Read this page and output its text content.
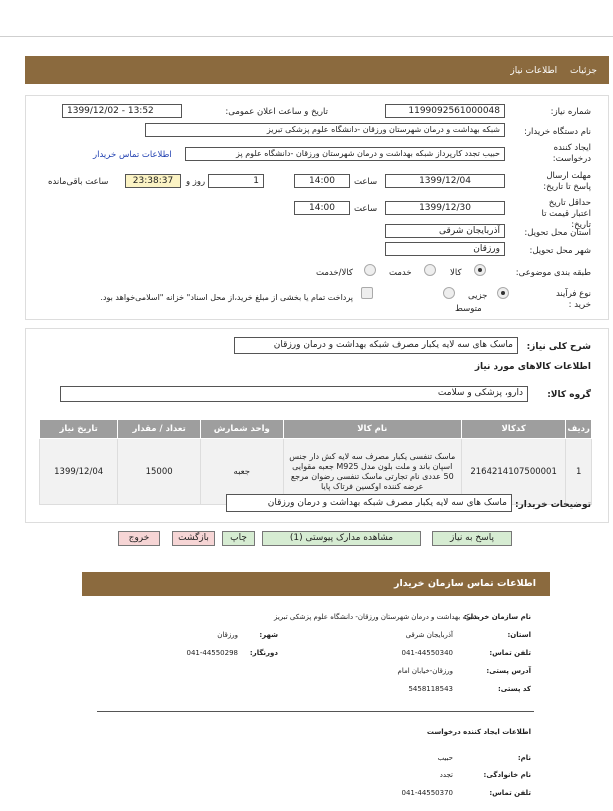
جزئیات اطلاعات نیاز
شماره نیاز:
1199092561000048
تاریخ و ساعت اعلان عمومی:
1399/12/02 - 13:52
نام دستگاه خریدار:
شبکه بهداشت و درمان شهرستان ورزقان -دانشگاه علوم پزشکی تبریز
ایجاد کننده درخواست:
حبیب تجدد کارپرداز شبکه بهداشت و درمان شهرستان ورزقان -دانشگاه علوم پز
اطلاعات تماس خریدار
مهلت ارسال پاسخ تا تاریخ:
1399/12/04
ساعت
14:00
1
روز و
23:38:37
ساعت باقی‌مانده
حداقل تاریخ اعتبار قیمت تا تاریخ:
1399/12/30
ساعت
14:00
استان محل تحویل:
آذربایجان شرقی
شهر محل تحویل:
ورزقان
طبقه بندی موضوعی:
کالا
خدمت
کالا/خدمت
نوع فرآیند خرید :
جزیی
متوسط
پرداخت تمام یا بخشی از مبلغ خرید،از محل اسناد" خزانه "اسلامی‌خواهد بود.
شرح کلی نیاز:
ماسک های سه لایه یکبار مصرف شبکه بهداشت و درمان ورزقان
اطلاعات کالاهای مورد نیاز
گروه کالا:
دارو، پزشکی و سلامت
تاریخ نیاز	تعداد / مقدار	واحد شمارش	نام کالا	کدکالا	ردیف
1399/12/04	15000	جعبه	ماسک تنفسی یکبار مصرف سه لایه کش دار جنس اسپان باند و ملت بلون مدل M925 جعبه مقوایی 50 عددی نام تجارتی ماسک تنفسی رضوان مرجع عرضه کننده اوکسین فرتاک پایا	2164214107500001	1
توضیحات خریدار:
ماسک های سه لایه یکبار مصرف شبکه بهداشت و درمان ورزقان
پاسخ به نیاز
مشاهده مدارک پیوستی (1)
چاپ
بازگشت
خروج
اطلاعات تماس سازمان خریدار
نام سازمان خریدار:
شبکه بهداشت و درمان شهرستان ورزقان- دانشگاه علوم پزشکی تبریز
استان:
آذربایجان شرقی
شهر:
ورزقان
تلفن تماس:
041-44550340
دورنگار:
041-44550298
آدرس پستی:
ورزقان-خیابان امام
کد پستی:
5458118543
اطلاعات ایجاد کننده درخواست
نام:
حبیب
نام خانوادگی:
تجدد
تلفن تماس:
041-44550370
